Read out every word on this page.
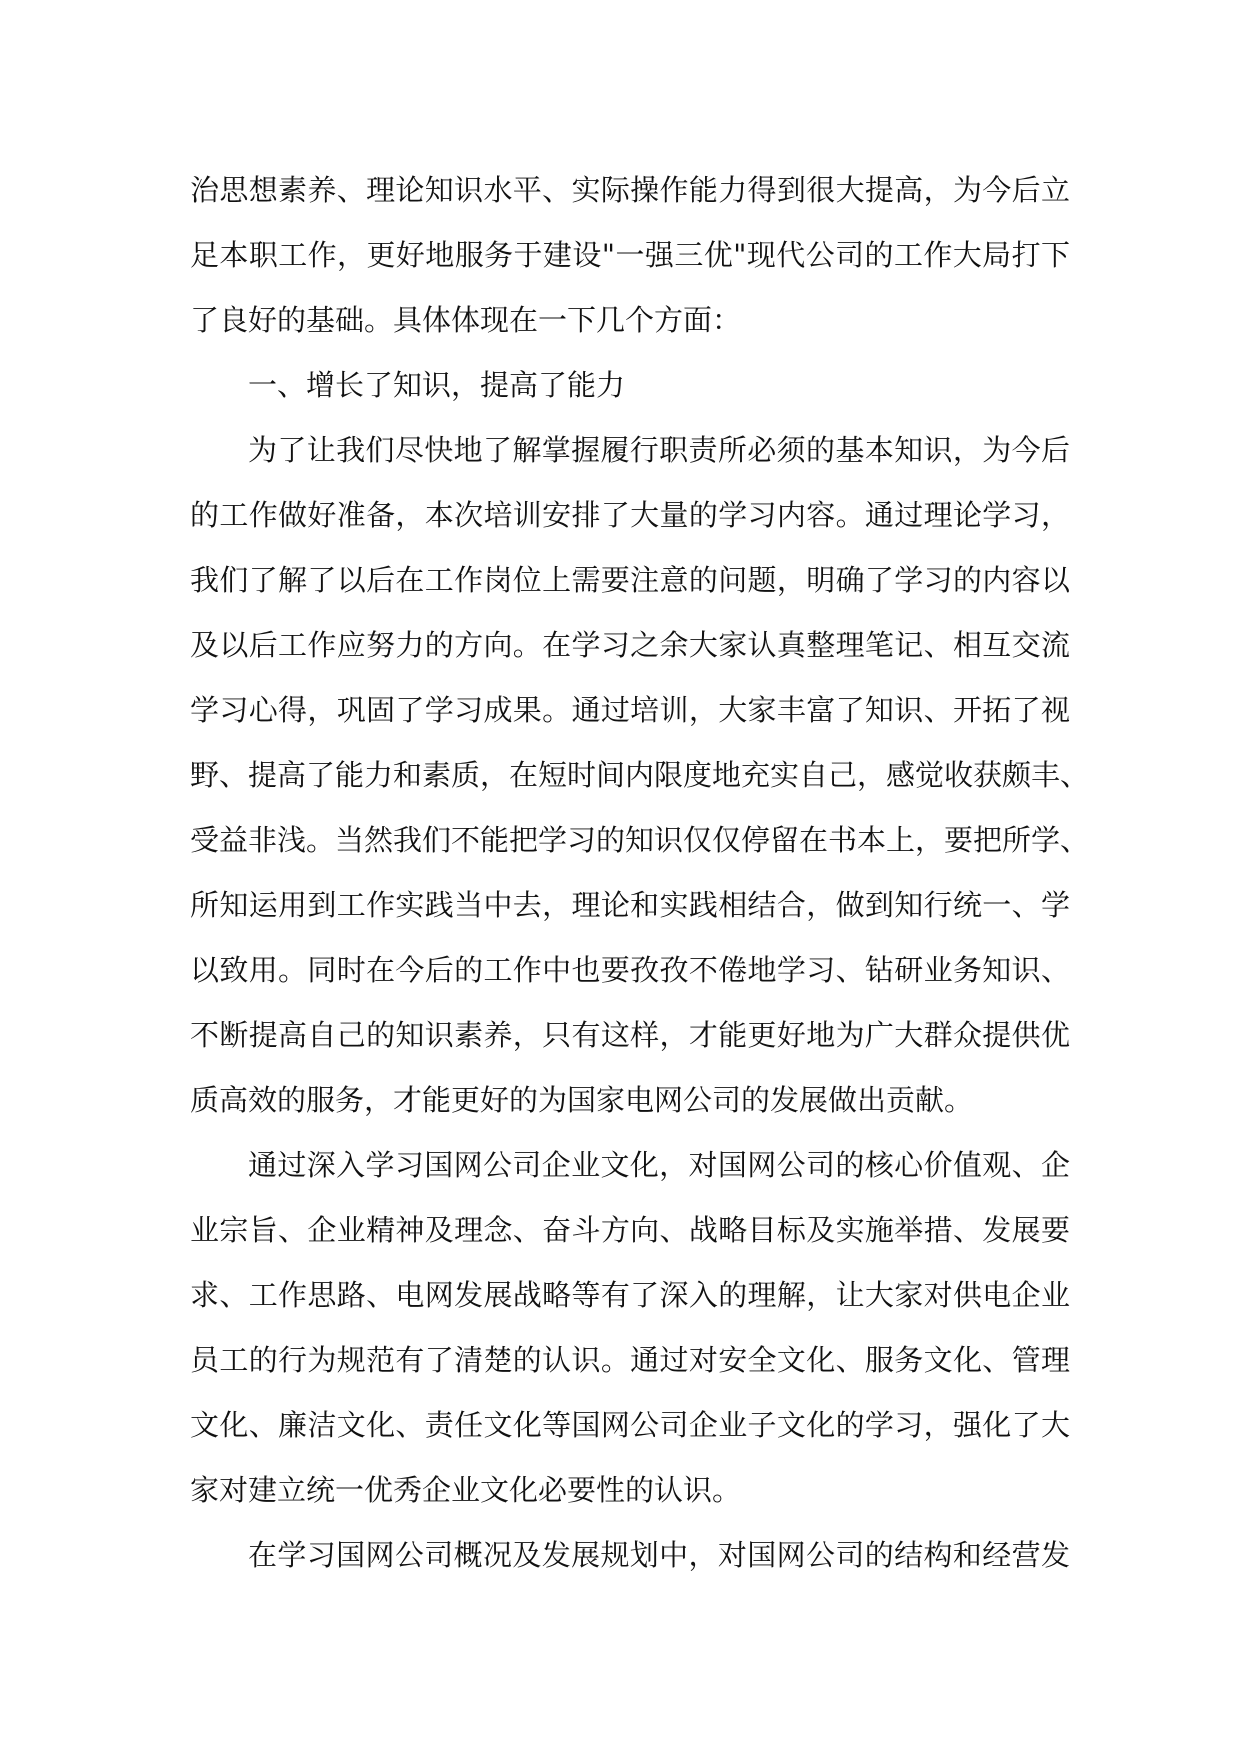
治思想素养、理论知识水平、实际操作能力得到很大提高，为今后立
足本职工作，更好地服务于建设"一强三优"现代公司的工作大局打下
了良好的基础。具体体现在一下几个方面：
一、增长了知识，提高了能力
为了让我们尽快地了解掌握履行职责所必须的基本知识，为今后
的工作做好准备，本次培训安排了大量的学习内容。通过理论学习，
我们了解了以后在工作岗位上需要注意的问题，明确了学习的内容以
及以后工作应努力的方向。在学习之余大家认真整理笔记、相互交流
学习心得，巩固了学习成果。通过培训，大家丰富了知识、开拓了视
野、提高了能力和素质，在短时间内限度地充实自己，感觉收获颇丰、
受益非浅。当然我们不能把学习的知识仅仅停留在书本上，要把所学、
所知运用到工作实践当中去，理论和实践相结合，做到知行统一、学
以致用。同时在今后的工作中也要孜孜不倦地学习、钻研业务知识、
不断提高自己的知识素养，只有这样，才能更好地为广大群众提供优
质高效的服务，才能更好的为国家电网公司的发展做出贡献。
通过深入学习国网公司企业文化，对国网公司的核心价值观、企
业宗旨、企业精神及理念、奋斗方向、战略目标及实施举措、发展要
求、工作思路、电网发展战略等有了深入的理解，让大家对供电企业
员工的行为规范有了清楚的认识。通过对安全文化、服务文化、管理
文化、廉洁文化、责任文化等国网公司企业子文化的学习，强化了大
家对建立统一优秀企业文化必要性的认识。
在学习国网公司概况及发展规划中，对国网公司的结构和经营发
